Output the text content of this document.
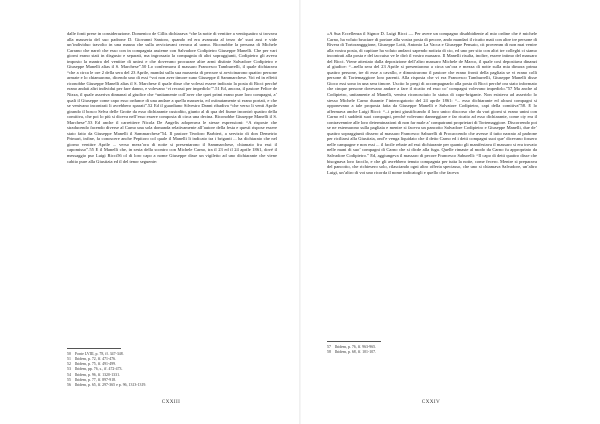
dalle fonti prese in considerazione. Domenico de Cillis dichiarava “che la notte di ventitre a ventiquattro si trovava alla masseria del suo padrone D. Giovanni Santoro, quando ed era avanzata al terzo de’ suoi assi e vide un’individuo travolto in una masna che sulla avviciavani cerraca al uomo. Riconobbe la persona di Michele Carrano che narrò che esso con in compagnia assieme con Salvadore Codipietro Giuseppe Manelli. Che per vari giorni erano stati in disgusto e separati, ma ingrossato la compagnia di altri sopraggiunti, Codipietro gli aveva imposto la mantra del ventitre di unirsi e che dovevano procurare altre armi distinte Salvadore Codipietro e Giuseppe Manelli alias il S. Marchese”.50 Lo confermava il massaro Francesco Tamburrelli, il quale dichiarava “che a circa le ore 2 della sera del 23 Aprile, mandai sulla sua masseria di percure si avvicinarono quattro persone armate e lo chiamarono, dicendo uno di essi “voi non aver timore suno Giuseppe il Sammarchese. Voi ed in effetti riconobbe Giuseppe Manelli alias il S. Marchese il quale disse che volessi essere indicato la posta di Ricci perché erano andati altri individui per fare danno, e volevano ‘vi recassi per impedirlo’”.51 Ed, ancora, il pastore Felice de Nizza, il quale asseriva dinnanzi al giudice che “unitamente coll’aver che quei primi erano pure loro compagni, a’ quali il Giuseppe come capo esso ordunce di una andare a quella masseria, ed ostinatamente si erano portati, e che se venivano incontrati li avrebbero sparati”.52 Ed il guardiano Silvestro Danni ribadiva “che verso li venti Aprile girando il bosco Selva delle Grotte da esso dichiarante custodito, giunto al di qua del fiume incontrò quattro della comitiva, che poi lo più si diceva nell’esso essere composta di circa una decina. Riconobbe Giuseppe Manelli il S. Marchese”.53 Ed anche il carrettiere Nicola De Angelis adoperava le stesse espressioni: “A risposte che straducendo facendo diverse al Carno una sola domanda relativamente all’autore della festa e questi rispose essere stato fatto da Giuseppe Manelli il Sammarchese”54. Il pastore Teodoro Barbieri, a servizio di don Demetrio Primari, infine, fa conoscere anche Pepitoro col quale il Manelli li indicato tra i briganti ... ha dichiarato che nel giorno ventitre Aprile ... verso mezz’ora di notte si presentarono il Sammarchese, chiamato fra essi il capomisso”.55 E il Manelli che, in sesta della scontro con Michele Carno, tra il 23 ed il 24 aprile 1861, dové il messaggio pur Luigi Ricci56 ol di loro capo a nome Giuseppe disse un vigiletto ad uno dichiarante che viene cabito pure alla Giustizia ed il del tenor seguente:

50 Fonte LVIII, p. 78, ff. 347-348.
51 Ibidem, p. 72, ff. 471-476.
52 Ibidem, p. 75, ff. 491-499.
53 Ibidem, pp. 76, s., ff. 472-473.
54 Ibidem, p. 96, ff. 1320-1331.
55 Ibidem, p. 77, ff. 897-918.
56 Ibidem, p. 65, ff. 297-365 e p. 96, 1313-1319.
CXXIII

«A Sua Eccellenza il Signor D. Luigi Ricci — Per avere un compagno disabbidiente al mio ordine che è michele Carno, ha voluto bruciare di portare alla vostra posta di pecore, ando mandarì il ricatto mati con altre tre persone di Rivera di Tortorangggione, Giuseppe Lotti, Antonio La Vacca e Giuseppe Pensato, cit provemm di non mai venire alla vostra posta, di capitare ha voluto andarci sapendo notizia di cio, ed uno per sito con altri tre colleghi ci siamo incontrati alla posta e del taccuiso ve le dirò il vostro massaro. Il Manelli risulta, inoltre, essere intimo del massaro del Ricci. Viene attestato dalla deposizione dell’altro massaro Michele de Marco, il quale così depositava dinanzi al giudice: “...nella sera del 23 Aprile si presentarono a circa un’ora e mezza di notte sulla mia dimora prima quattro persone, tre di esse a cavallo, e dimostrarono il pastore che erano fronti della pagliaia se vi erano colli persone di Tortemaggiore loro parenti. Alla risposta che vi era Francesco Tamburrelli, Giuseppe Manelli disse Gioco essi sono in una sera timore. Uscito lo pregi di accompagnarlo alla posta di Ricci perché ora stato informato che cinque persone dovevano andare a fare il ricatto ed esso co’ compagni volevano impedirlo.”57 Ma anche al Codipietro, unitamente al Manelli, veniva riconosciuto lo status di capo-brigante. Non esisteva ad asserirlo lo stesso Michele Carno durante l’interrogatorio del 24 aprile 1861: “... esso dichiarante ed alcuni compagni si opponevano a tale proposta fatta da Giuseppe Manelli e Salvatore Codipietro, capi della comitiva”58. E lo affermava anche Luigi Ricci: “...i primi giustificando il loro unico discorso che da vari giorni si erano unini con Carno ed i suddetti suoi compagni, perché volevano danneggiare e far ricatto ad esso dichiarante, come ciy era il contravennire alle loro determinazioni di non far male a’ compatrami proprietari di Tortemaggiore. Discorrendo poi se ne esternarono sulla pagliaia e mentre si faceva un pancotto Salvadore Codipietro e Giuseppe Manelli, due de’ quattro sopraggiunti dissero al massaro Francesco Saburelli di Procaccendo che avesse il tutto narrato al padrone per riciliarsi alla Giustizia, ond’e venga liquidato che il detto Carno ed i detti compagni suoi que’ dicevano fossero nelle campagne e non essi ... il facile rebate ad essi dichiarante per quanto gli manifestava il massaro si era trovato nelle mani di suo’ compagni di Carno che si dicde alla fuga. Quelle rimaste al modo da Carno fu appropriato da Salvadore Codipietro.” Ed, aggiungeva il massaro di pecore Francesco Saburelli: “Il capo di detti quattro disse che bisognava loro faccilo, e che gli avrebbero tenuto compagnia per tutta la notte, come fecero. Mentre si preparava del pancotto, che richiesero solo, rilasciando ogni altro offerta speciasso, che uno si chiamava Salvadore, un’altro Luigi, un’altro di voi uno ricorda il nome indicatogli e quello che faceva

57 Ibidem, p. 76, ff. 963-965.
58 Ibidem, p. 68, ff. 101-107.
CXXIV
